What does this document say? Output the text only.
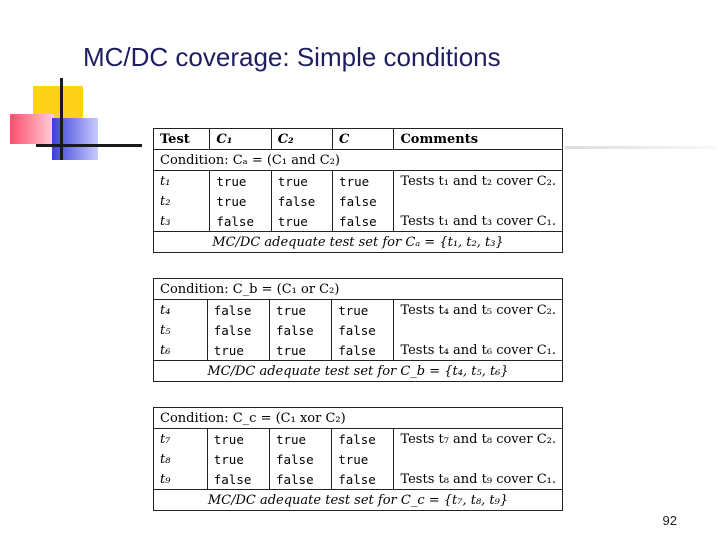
MC/DC coverage: Simple conditions
Test	C₁	C₂	C	Comments
Condition: Cₐ = (C₁ and C₂)				
t₁	true	true	true	Tests t₁ and t₂ cover C₂.
t₂	true	false	false	
t₃	false	true	false	Tests t₁ and t₃ cover C₁.
MC/DC adequate test set for Cₐ = {t₁, t₂, t₃}				
Condition: C_b = (C₁ or C₂)				
t₄	false	true	true	Tests t₄ and t₅ cover C₂.
t₅	false	false	false	
t₆	true	true	false	Tests t₄ and t₆ cover C₁.
MC/DC adequate test set for C_b = {t₄, t₅, t₆}				
Condition: C_c = (C₁ xor C₂)				
t₇	true	true	false	Tests t₇ and t₈ cover C₂.
t₈	true	false	true	
t₉	false	false	false	Tests t₈ and t₉ cover C₁.
MC/DC adequate test set for C_c = {t₇, t₈, t₉}				
92
